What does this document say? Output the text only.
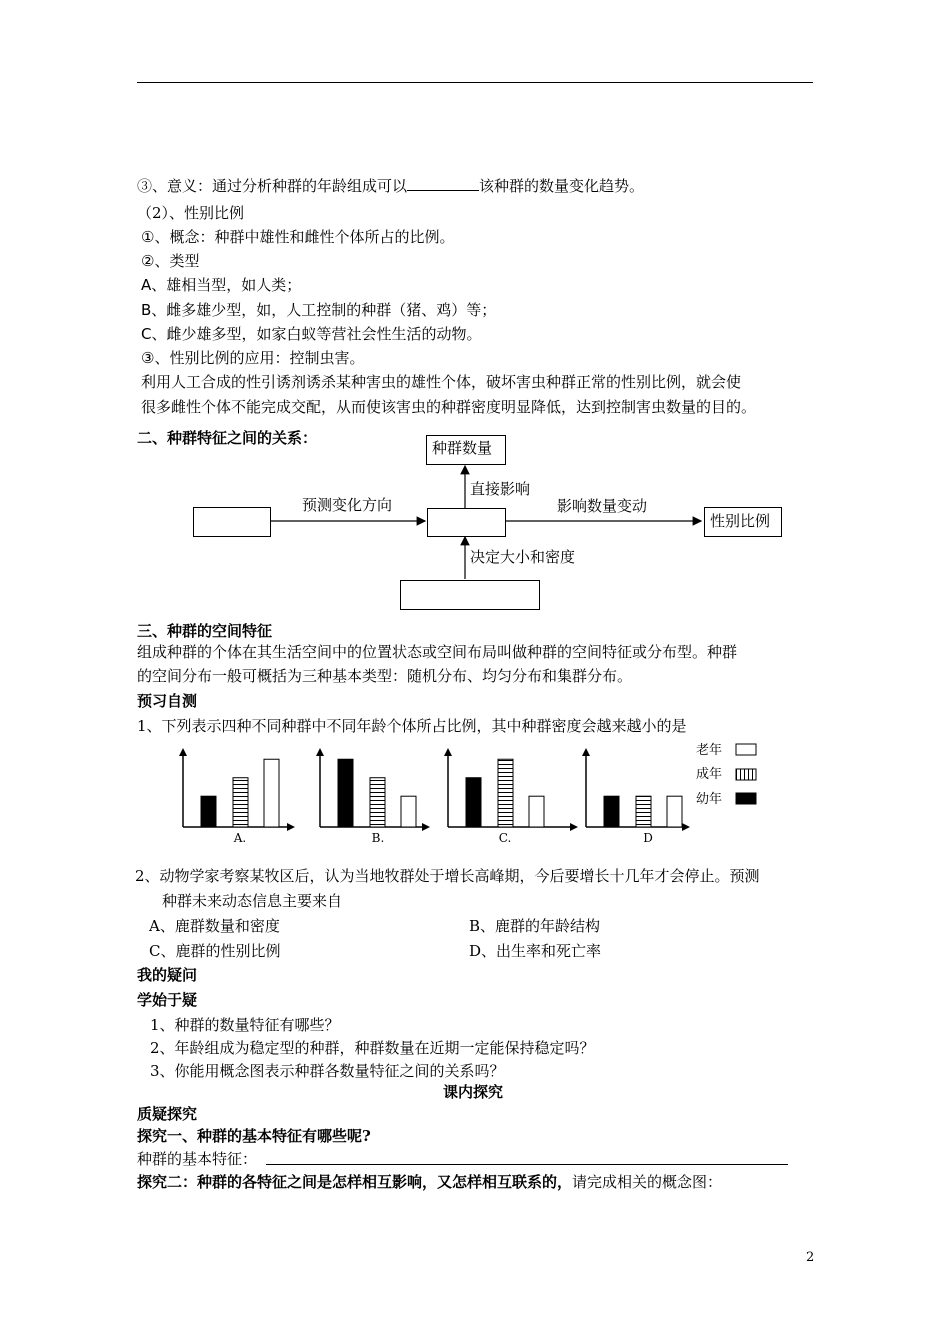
③、意义：通过分析种群的年龄组成可以	该种群的数量变化趋势。
（2）、性别比例
①、概念：种群中雄性和雌性个体所占的比例。
②、类型
A、雄相当型，如人类；
B、雌多雄少型，如，人工控制的种群（猪、鸡）等；
C、雌少雄多型，如家白蚁等营社会性生活的动物。
③、性别比例的应用：控制虫害。
利用人工合成的性引诱剂诱杀某种害虫的雄性个体，破坏害虫种群正常的性别比例，就会使
很多雌性个体不能完成交配，从而使该害虫的种群密度明显降低，达到控制害虫数量的目的。
二、种群特征之间的关系：
种群数量
性别比例
直接影响
预测变化方向	影响数量变动
决定大小和密度
三、种群的空间特征
组成种群的个体在其生活空间中的位置状态或空间布局叫做种群的空间特征或分布型。种群
的空间分布一般可概括为三种基本类型：随机分布、均匀分布和集群分布。
预习自测
1、下列表示四种不同种群中不同年龄个体所占比例，其中种群密度会越来越小的是
A.	B.	C.	D
老年
成年
幼年
2、动物学家考察某牧区后，认为当地牧群处于增长高峰期，今后要增长十几年才会停止。预测
种群未来动态信息主要来自
A、鹿群数量和密度	B、鹿群的年龄结构
C、鹿群的性别比例	D、出生率和死亡率
我的疑问
学始于疑
1、种群的数量特征有哪些？
2、年龄组成为稳定型的种群，种群数量在近期一定能保持稳定吗？
3、你能用概念图表示种群各数量特征之间的关系吗？
课内探究
质疑探究
探究一、种群的基本特征有哪些呢?
种群的基本特征：
探究二：种群的各特征之间是怎样相互影响，又怎样相互联系的，请完成相关的概念图：
2
